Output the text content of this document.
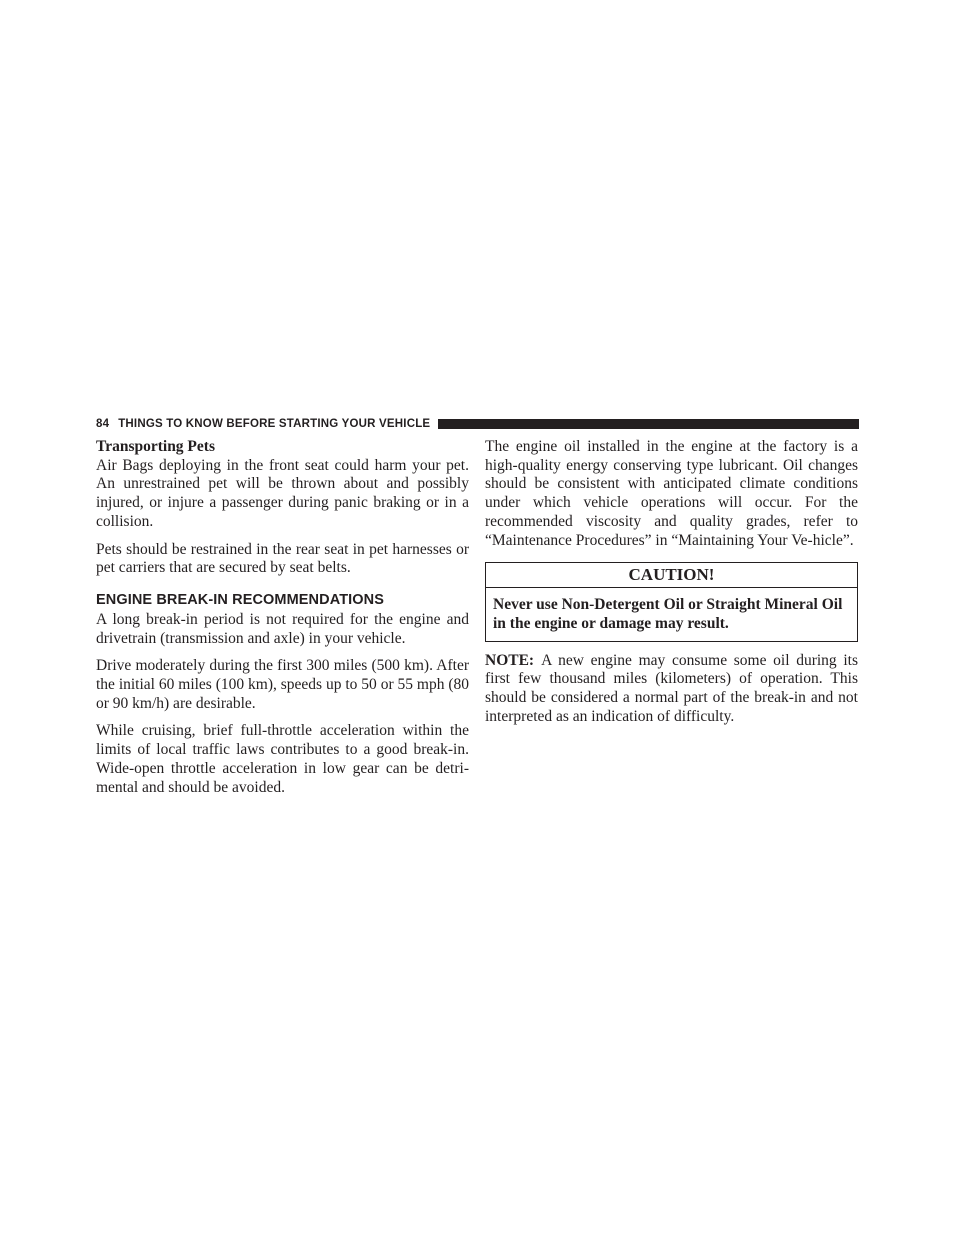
84 THINGS TO KNOW BEFORE STARTING YOUR VEHICLE

Transporting Pets

Air Bags deploying in the front seat could harm your pet. An unrestrained pet will be thrown about and possibly injured, or injure a passenger during panic braking or in a collision.

Pets should be restrained in the rear seat in pet harnesses or pet carriers that are secured by seat belts.

ENGINE BREAK-IN RECOMMENDATIONS

A long break-in period is not required for the engine and drivetrain (transmission and axle) in your vehicle.

Drive moderately during the first 300 miles (500 km). After the initial 60 miles (100 km), speeds up to 50 or 55 mph (80 or 90 km/h) are desirable.

While cruising, brief full-throttle acceleration within the limits of local traffic laws contributes to a good break-in. Wide-open throttle acceleration in low gear can be detri-mental and should be avoided.

The engine oil installed in the engine at the factory is a high-quality energy conserving type lubricant. Oil changes should be consistent with anticipated climate conditions under which vehicle operations will occur. For the recommended viscosity and quality grades, refer to “Maintenance Procedures” in “Maintaining Your Ve-hicle”.

CAUTION!
Never use Non-Detergent Oil or Straight Mineral Oil in the engine or damage may result.

NOTE: A new engine may consume some oil during its first few thousand miles (kilometers) of operation. This should be considered a normal part of the break-in and not interpreted as an indication of difficulty.
